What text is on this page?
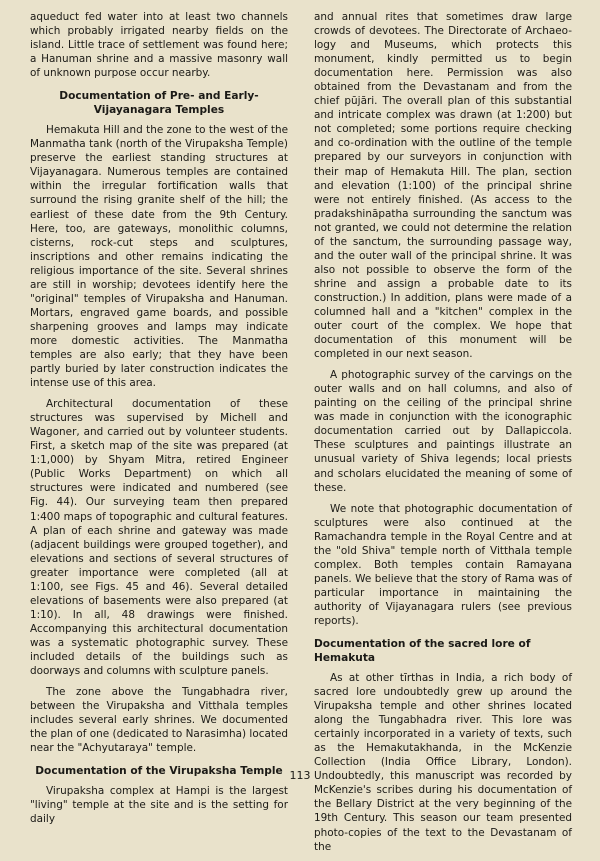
aqueduct fed water into at least two channels which probably irrigated nearby fields on the island. Little trace of settlement was found here; a Hanuman shrine and a massive masonry wall of unknown purpose occur nearby.

Documentation of Pre- and Early-Vijayanagara Temples

Hemakuta Hill and the zone to the west of the Manmatha tank (north of the Virupaksha Temple) preserve the earliest standing structures at Vijayanagara. Numerous temples are contained within the irregular fortification walls that surround the rising granite shelf of the hill; the earliest of these date from the 9th Century. Here, too, are gateways, monolithic columns, cisterns, rock-cut steps and sculptures, inscriptions and other remains indicating the religious importance of the site. Several shrines are still in worship; devotees identify here the "original" temples of Virupaksha and Hanuman. Mortars, engraved game boards, and possible sharpening grooves and lamps may indicate more domestic activities. The Manmatha temples are also early; that they have been partly buried by later construction indicates the intense use of this area.

Architectural documentation of these structures was supervised by Michell and Wagoner, and carried out by volunteer students. First, a sketch map of the site was prepared (at 1:1,000) by Shyam Mitra, retired Engineer (Public Works Department) on which all structures were indicated and numbered (see Fig. 44). Our surveying team then prepared 1:400 maps of topographic and cultural features. A plan of each shrine and gateway was made (adjacent buildings were grouped together), and elevations and sections of several structures of greater importance were completed (all at 1:100, see Figs. 45 and 46). Several detailed elevations of basements were also prepared (at 1:10). In all, 48 drawings were finished. Accompanying this architectural documentation was a systematic photographic survey. These included details of the buildings such as doorways and columns with sculpture panels.

The zone above the Tungabhadra river, between the Virupaksha and Vitthala temples includes several early shrines. We documented the plan of one (dedicated to Narasimha) located near the "Achyutaraya" temple.

Documentation of the Virupaksha Temple

Virupaksha complex at Hampi is the largest "living" temple at the site and is the setting for daily

and annual rites that sometimes draw large crowds of devotees. The Directorate of Archaeo-logy and Museums, which protects this monument, kindly permitted us to begin documentation here. Permission was also obtained from the Devastanam and from the chief pūjāri. The overall plan of this substantial and intricate complex was drawn (at 1:200) but not completed; some portions require checking and co-ordination with the outline of the temple prepared by our surveyors in conjunction with their map of Hemakuta Hill. The plan, section and elevation (1:100) of the principal shrine were not entirely finished. (As access to the pradakshināpatha surrounding the sanctum was not granted, we could not determine the relation of the sanctum, the surrounding passage way, and the outer wall of the principal shrine. It was also not possible to observe the form of the shrine and assign a probable date to its construction.) In addition, plans were made of a columned hall and a "kitchen" complex in the outer court of the complex. We hope that documentation of this monument will be completed in our next season.

A photographic survey of the carvings on the outer walls and on hall columns, and also of painting on the ceiling of the principal shrine was made in conjunction with the iconographic documentation carried out by Dallapiccola. These sculptures and paintings illustrate an unusual variety of Shiva legends; local priests and scholars elucidated the meaning of some of these.

We note that photographic documentation of sculptures were also continued at the Ramachandra temple in the Royal Centre and at the "old Shiva" temple north of Vitthala temple complex. Both temples contain Ramayana panels. We believe that the story of Rama was of particular importance in maintaining the authority of Vijayanagara rulers (see previous reports).

Documentation of the sacred lore of Hemakuta

As at other tīrthas in India, a rich body of sacred lore undoubtedly grew up around the Virupaksha temple and other shrines located along the Tungabhadra river. This lore was certainly incorporated in a variety of texts, such as the Hemakutakhanda, in the McKenzie Collection (India Office Library, London). Undoubtedly, this manuscript was recorded by McKenzie's scribes during his documentation of the Bellary District at the very beginning of the 19th Century. This season our team presented photo-copies of the text to the Devastanam of the

113
